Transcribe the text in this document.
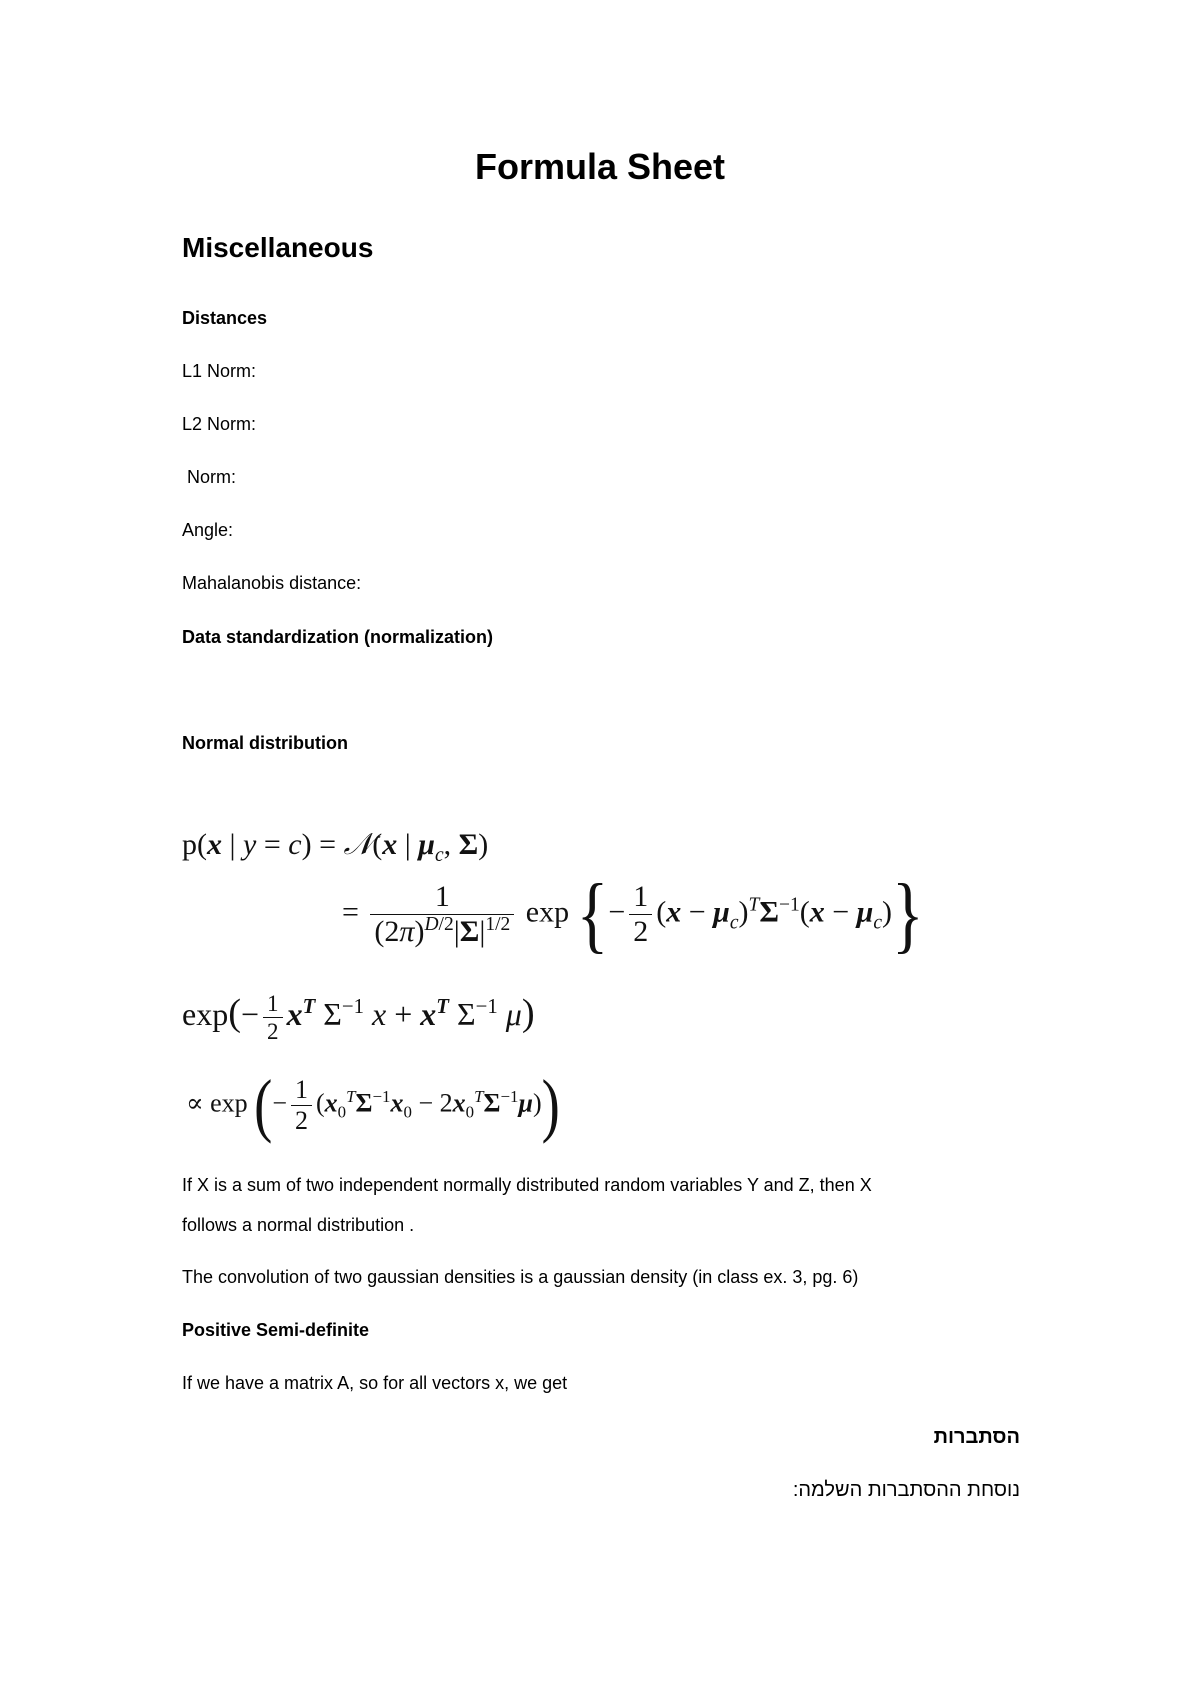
Formula Sheet
Miscellaneous
Distances
L1 Norm:
L2 Norm:
Norm:
Angle:
Mahalanobis distance:
Data standardization (normalization)
Normal distribution
p(x | y = c) = 𝒩(x | $\mu_c$, Σ)
= $\frac{1}{(2\pi)^{D/2}|\Sigma|^{1/2}}$ exp {− $\frac{1}{2} (x - \mu_c)^T\Sigma^{-1}(x - \mu_c)$}
$\exp(- \frac{1}{2} x^T$ $\Sigma^{-1}$ $x + x^T$ $\Sigma^{-1}$ μ)
∝ exp (− $\frac{1}{2} (x_0^T\Sigma^{-1}x_0 - 2x_0^T\Sigma^{-1}\mu)$)
If X is a sum of two independent normally distributed random variables Y and Z, then X
follows a normal distribution .
The convolution of two gaussian densities is a gaussian density (in class ex. 3, pg. 6)
Positive Semi-definite
If we have a matrix A, so for all vectors x, we get
הסתברות
נוסחת ההסתברות השלמה:
